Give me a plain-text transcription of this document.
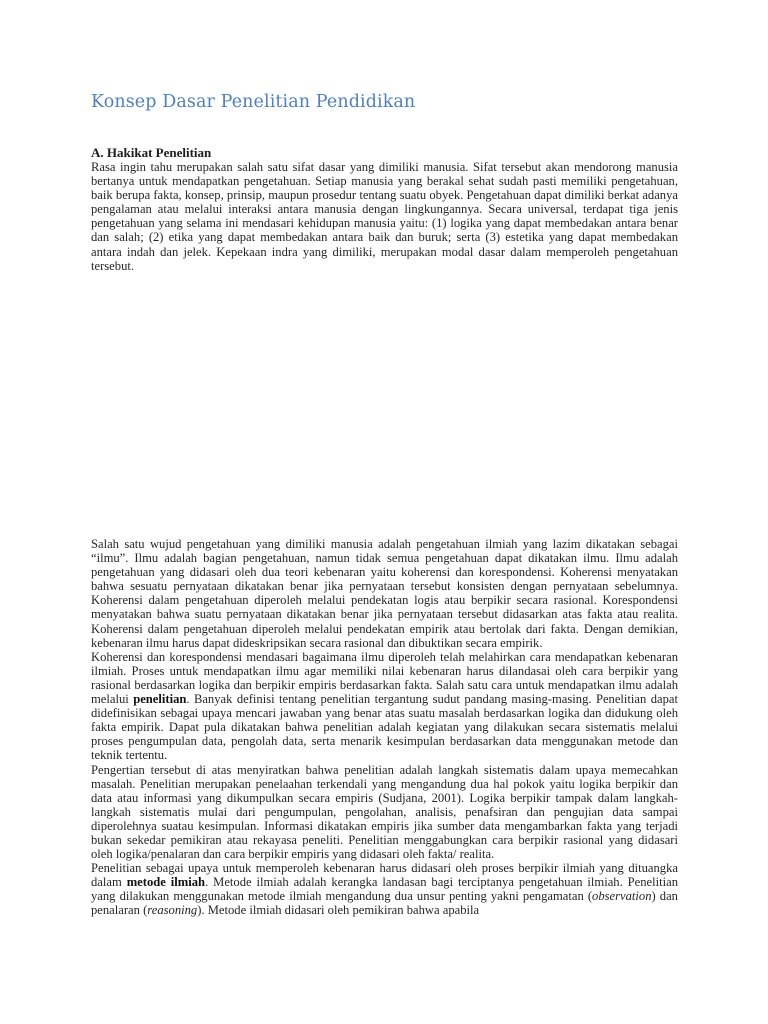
Konsep Dasar Penelitian Pendidikan
A. Hakikat Penelitian

Rasa ingin tahu merupakan salah satu sifat dasar yang dimiliki manusia. Sifat tersebut akan mendorong manusia bertanya untuk mendapatkan pengetahuan. Setiap manusia yang berakal sehat sudah pasti memiliki pengetahuan, baik berupa fakta, konsep, prinsip, maupun prosedur tentang suatu obyek. Pengetahuan dapat dimiliki berkat adanya pengalaman atau melalui interaksi antara manusia dengan lingkungannya. Secara universal, terdapat tiga jenis pengetahuan yang selama ini mendasari kehidupan manusia yaitu: (1) logika yang dapat membedakan antara benar dan salah; (2) etika yang dapat membedakan antara baik dan buruk; serta (3) estetika yang dapat membedakan antara indah dan jelek. Kepekaan indra yang dimiliki, merupakan modal dasar dalam memperoleh pengetahuan tersebut.

Salah satu wujud pengetahuan yang dimiliki manusia adalah pengetahuan ilmiah yang lazim dikatakan sebagai “ilmu”. Ilmu adalah bagian pengetahuan, namun tidak semua pengetahuan dapat dikatakan ilmu. Ilmu adalah pengetahuan yang didasari oleh dua teori kebenaran yaitu koherensi dan korespondensi. Koherensi menyatakan bahwa sesuatu pernyataan dikatakan benar jika pernyataan tersebut konsisten dengan pernyataan sebelumnya. Koherensi dalam pengetahuan diperoleh melalui pendekatan logis atau berpikir secara rasional. Korespondensi menyatakan bahwa suatu pernyataan dikatakan benar jika pernyataan tersebut didasarkan atas fakta atau realita. Koherensi dalam pengetahuan diperoleh melalui pendekatan empirik atau bertolak dari fakta. Dengan demikian, kebenaran ilmu harus dapat dideskripsikan secara rasional dan dibuktikan secara empirik.

Koherensi dan korespondensi mendasari bagaimana ilmu diperoleh telah melahirkan cara mendapatkan kebenaran ilmiah. Proses untuk mendapatkan ilmu agar memiliki nilai kebenaran harus dilandasai oleh cara berpikir yang rasional berdasarkan logika dan berpikir empiris berdasarkan fakta. Salah satu cara untuk mendapatkan ilmu adalah melalui penelitian. Banyak definisi tentang penelitian tergantung sudut pandang masing-masing. Penelitian dapat didefinisikan sebagai upaya mencari jawaban yang benar atas suatu masalah berdasarkan logika dan didukung oleh fakta empirik. Dapat pula dikatakan bahwa penelitian adalah kegiatan yang dilakukan secara sistematis melalui proses pengumpulan data, pengolah data, serta menarik kesimpulan berdasarkan data menggunakan metode dan teknik tertentu.

Pengertian tersebut di atas menyiratkan bahwa penelitian adalah langkah sistematis dalam upaya memecahkan masalah. Penelitian merupakan penelaahan terkendali yang mengandung dua hal pokok yaitu logika berpikir dan data atau informasi yang dikumpulkan secara empiris (Sudjana, 2001). Logika berpikir tampak dalam langkah-langkah sistematis mulai dari pengumpulan, pengolahan, analisis, penafsiran dan pengujian data sampai diperolehnya suatau kesimpulan. Informasi dikatakan empiris jika sumber data mengambarkan fakta yang terjadi bukan sekedar pemikiran atau rekayasa peneliti. Penelitian menggabungkan cara berpikir rasional yang didasari oleh logika/penalaran dan cara berpikir empiris yang didasari oleh fakta/ realita.

Penelitian sebagai upaya untuk memperoleh kebenaran harus didasari oleh proses berpikir ilmiah yang dituangka dalam metode ilmiah. Metode ilmiah adalah kerangka landasan bagi terciptanya pengetahuan ilmiah. Penelitian yang dilakukan menggunakan metode ilmiah mengandung dua unsur penting yakni pengamatan (observation) dan penalaran (reasoning). Metode ilmiah didasari oleh pemikiran bahwa apabila
